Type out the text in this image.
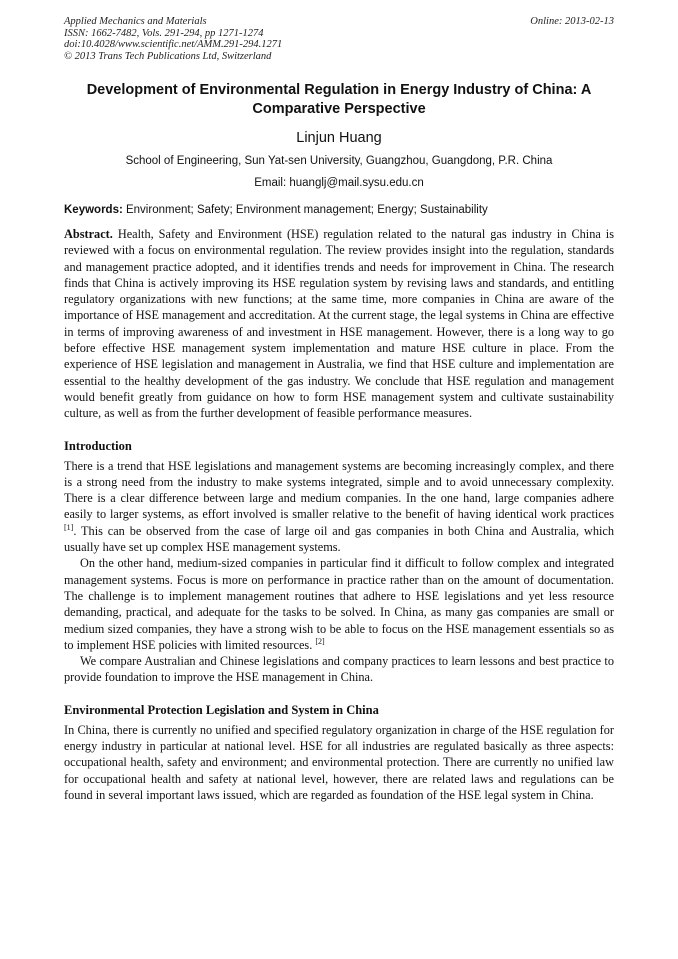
Applied Mechanics and Materials
ISSN: 1662-7482, Vols. 291-294, pp 1271-1274
doi:10.4028/www.scientific.net/AMM.291-294.1271
© 2013 Trans Tech Publications Ltd, Switzerland
Online: 2013-02-13
Development of Environmental Regulation in Energy Industry of China: A Comparative Perspective
Linjun Huang
School of Engineering, Sun Yat-sen University, Guangzhou, Guangdong, P.R. China
Email: huanglj@mail.sysu.edu.cn
Keywords: Environment; Safety; Environment management; Energy; Sustainability

Abstract. Health, Safety and Environment (HSE) regulation related to the natural gas industry in China is reviewed with a focus on environmental regulation. The review provides insight into the regulation, standards and management practice adopted, and it identifies trends and needs for improvement in China. The research finds that China is actively improving its HSE regulation system by revising laws and standards, and entitling regulatory organizations with new functions; at the same time, more companies in China are aware of the importance of HSE management and accreditation. At the current stage, the legal systems in China are effective in terms of improving awareness of and investment in HSE management. However, there is a long way to go before effective HSE management system implementation and mature HSE culture in place. From the experience of HSE legislation and management in Australia, we find that HSE culture and implementation are essential to the healthy development of the gas industry. We conclude that HSE regulation and management would benefit greatly from guidance on how to form HSE management system and cultivate sustainability culture, as well as from the further development of feasible performance measures.

Introduction

There is a trend that HSE legislations and management systems are becoming increasingly complex, and there is a strong need from the industry to make systems integrated, simple and to avoid unnecessary complexity. There is a clear difference between large and medium companies. In the one hand, large companies adhere easily to larger systems, as effort involved is smaller relative to the benefit of having identical work practices [1]. This can be observed from the case of large oil and gas companies in both China and Australia, which usually have set up complex HSE management systems.

On the other hand, medium-sized companies in particular find it difficult to follow complex and integrated management systems. Focus is more on performance in practice rather than on the amount of documentation. The challenge is to implement management routines that adhere to HSE legislations and yet less resource demanding, practical, and adequate for the tasks to be solved. In China, as many gas companies are small or medium sized companies, they have a strong wish to be able to focus on the HSE management essentials so as to implement HSE policies with limited resources. [2]

We compare Australian and Chinese legislations and company practices to learn lessons and best practice to provide foundation to improve the HSE management in China.

Environmental Protection Legislation and System in China

In China, there is currently no unified and specified regulatory organization in charge of the HSE regulation for energy industry in particular at national level. HSE for all industries are regulated basically as three aspects: occupational health, safety and environment; and environmental protection. There are currently no unified law for occupational health and safety at national level, however, there are related laws and regulations can be found in several important laws issued, which are regarded as foundation of the HSE legal system in China.
